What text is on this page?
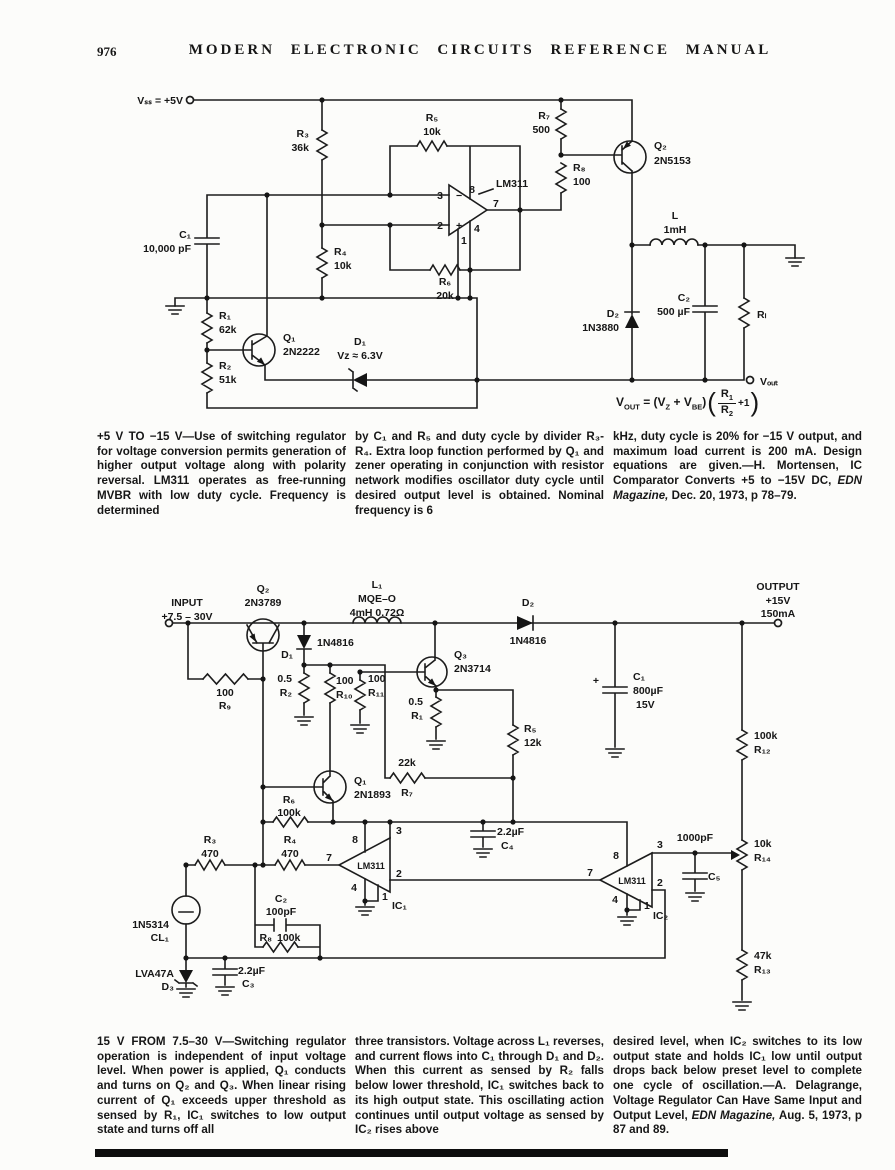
976	MODERN ELECTRONIC CIRCUITS REFERENCE MANUAL
Vₛₛ = +5V
R₃
36k
C₁
10,000 pF
R₁
62k
Q₁
2N2222
R₂
51k
D₁
Vz ≈ 6.3V
R₄
10k
R₅
10k
R₆
20k
3
2
−
+
8
7
4
1
LM311
R₇
500
R₈
100
Q₂
2N5153
L
1mH
D₂
1N3880
C₂
500 µF	Rₗ
Vₒᵤₜ
$V_{OUT} = (V_Z + V_{BE})$ ( $\frac{R_1}{R_2} +1$ )

+5 V TO −15 V—Use of switching regulator for voltage conversion permits generation of higher output voltage along with polarity reversal. LM311 operates as free-running MVBR with low duty cycle. Frequency is determined

by C₁ and R₅ and duty cycle by divider R₃-R₄. Extra loop function performed by Q₁ and zener operating in conjunction with resistor network modifies oscillator duty cycle until desired output level is obtained. Nominal frequency is 6

kHz, duty cycle is 20% for −15 V output, and maximum load current is 200 mA. Design equations are given.—H. Mortensen, IC Comparator Converts +5 to −15V DC, EDN Magazine, Dec. 20, 1973, p 78–79.

INPUT
+7.5 – 30V
Q₂
2N3789
L₁
MQE–O
4mH 0.72Ω
D₂
1N4816
OUTPUT
+15V
150mA
D₁
1N4816
100
R₉
0.5
R₂
100
R₁₀
100
R₁₁
Q₃
2N3714
0.5
R₁
+	C₁
800µF
15V
R₅
12k
22k
R₇
Q₁
2N1893
R₆
100k
R₃
470
R₄
470	7
8
3
LM311
2
4
1
IC₁
C₂
100pF
R₈ 100k
1N5314
CL₁
2.2µF
C₄
7
8
3
LM311 2
4 1
IC₂
1000pF
C₅
100k
R₁₂
10k
R₁₄
47k
R₁₃
LVA47A
D₃
2.2µF
C₃

15 V FROM 7.5–30 V—Switching regulator operation is independent of input voltage level. When power is applied, Q₁ conducts and turns on Q₂ and Q₃. When linear rising current of Q₁ exceeds upper threshold as sensed by R₁, IC₁ switches to low output state and turns off all

three transistors. Voltage across L₁ reverses, and current flows into C₁ through D₁ and D₂. When this current as sensed by R₂ falls below lower threshold, IC₁ switches back to its high output state. This oscillating action continues until output voltage as sensed by IC₂ rises above

desired level, when IC₂ switches to its low output state and holds IC₁ low until output drops back below preset level to complete one cycle of oscillation.—A. Delagrange, Voltage Regulator Can Have Same Input and Output Level, EDN Magazine, Aug. 5, 1973, p 87 and 89.
